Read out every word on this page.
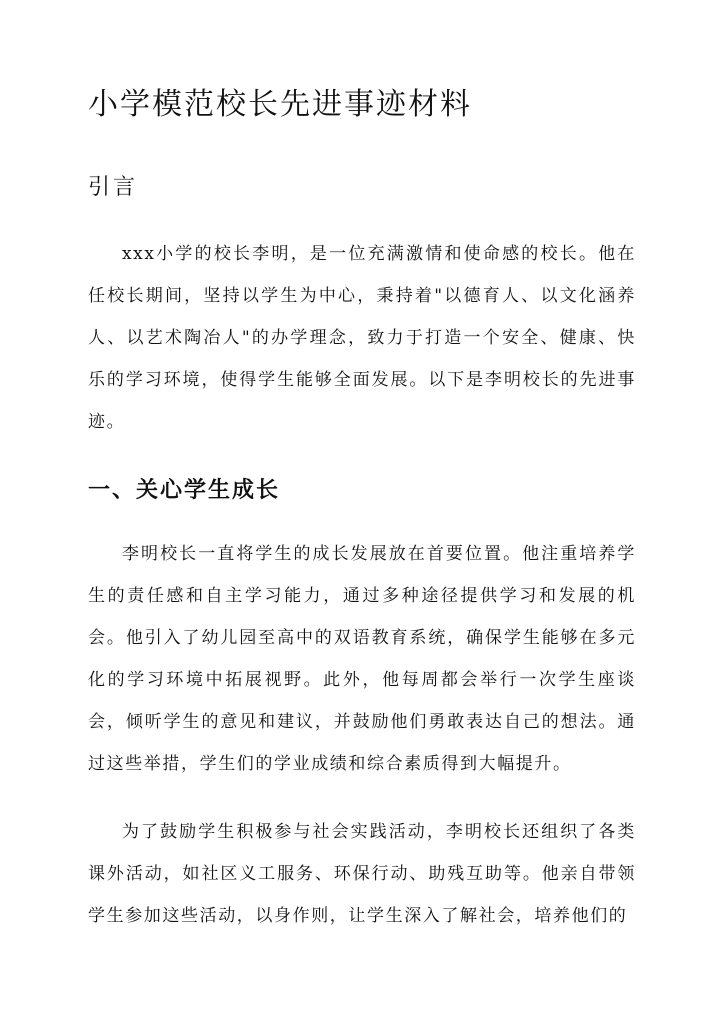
小学模范校长先进事迹材料
引言

xxx小学的校长李明，是一位充满激情和使命感的校长。他在任校长期间，坚持以学生为中心，秉持着"以德育人、以文化涵养人、以艺术陶冶人"的办学理念，致力于打造一个安全、健康、快乐的学习环境，使得学生能够全面发展。以下是李明校长的先进事迹。

一、关心学生成长

李明校长一直将学生的成长发展放在首要位置。他注重培养学生的责任感和自主学习能力，通过多种途径提供学习和发展的机会。他引入了幼儿园至高中的双语教育系统，确保学生能够在多元化的学习环境中拓展视野。此外，他每周都会举行一次学生座谈会，倾听学生的意见和建议，并鼓励他们勇敢表达自己的想法。通过这些举措，学生们的学业成绩和综合素质得到大幅提升。

为了鼓励学生积极参与社会实践活动，李明校长还组织了各类课外活动，如社区义工服务、环保行动、助残互助等。他亲自带领学生参加这些活动，以身作则，让学生深入了解社会，培养他们的
